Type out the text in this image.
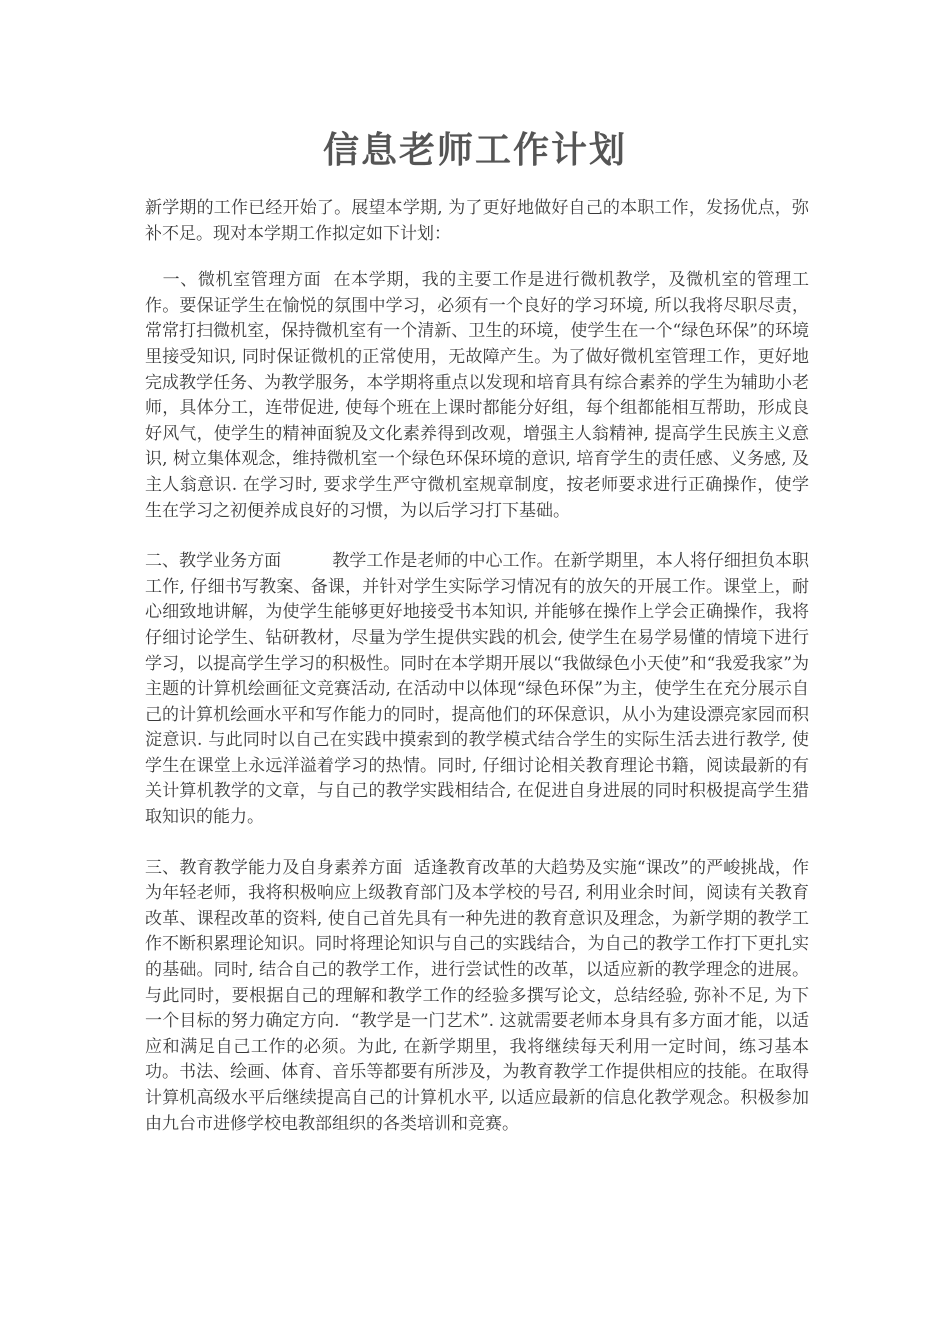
信息老师工作计划

新学期的工作已经开始了。展望本学期, 为了更好地做好自己的本职工作，发扬优点，弥补不足。现对本学期工作拟定如下计划：

　一、微机室管理方面  在本学期，我的主要工作是进行微机教学，及微机室的管理工作。要保证学生在愉悦的氛围中学习，必须有一个良好的学习环境, 所以我将尽职尽责，常常打扫微机室，保持微机室有一个清新、卫生的环境，使学生在一个“绿色环保”的环境里接受知识, 同时保证微机的正常使用，无故障产生。为了做好微机室管理工作，更好地完成教学任务、为教学服务，本学期将重点以发现和培育具有综合素养的学生为辅助小老师，具体分工，连带促进, 使每个班在上课时都能分好组，每个组都能相互帮助，形成良好风气，使学生的精神面貌及文化素养得到改观，增强主人翁精神, 提高学生民族主义意识, 树立集体观念，维持微机室一个绿色环保环境的意识, 培育学生的责任感、义务感, 及主人翁意识. 在学习时, 要求学生严守微机室规章制度，按老师要求进行正确操作，使学生在学习之初便养成良好的习惯，为以后学习打下基础。

二、教学业务方面　　　教学工作是老师的中心工作。在新学期里，本人将仔细担负本职工作, 仔细书写教案、备课，并针对学生实际学习情况有的放矢的开展工作。课堂上，耐心细致地讲解，为使学生能够更好地接受书本知识, 并能够在操作上学会正确操作，我将仔细讨论学生、钻研教材，尽量为学生提供实践的机会, 使学生在易学易懂的情境下进行学习，以提高学生学习的积极性。同时在本学期开展以“我做绿色小天使”和“我爱我家”为主题的计算机绘画征文竞赛活动, 在活动中以体现“绿色环保”为主，使学生在充分展示自己的计算机绘画水平和写作能力的同时，提高他们的环保意识，从小为建设漂亮家园而积淀意识. 与此同时以自己在实践中摸索到的教学模式结合学生的实际生活去进行教学, 使学生在课堂上永远洋溢着学习的热情。同时, 仔细讨论相关教育理论书籍，阅读最新的有关计算机教学的文章，与自己的教学实践相结合, 在促进自身进展的同时积极提高学生猎取知识的能力。

三、教育教学能力及自身素养方面  适逢教育改革的大趋势及实施“课改”的严峻挑战，作为年轻老师，我将积极响应上级教育部门及本学校的号召, 利用业余时间，阅读有关教育改革、课程改革的资料, 使自己首先具有一种先进的教育意识及理念，为新学期的教学工作不断积累理论知识。同时将理论知识与自己的实践结合，为自己的教学工作打下更扎实的基础。同时, 结合自己的教学工作，进行尝试性的改革，以适应新的教学理念的进展。与此同时，要根据自己的理解和教学工作的经验多撰写论文，总结经验, 弥补不足, 为下一个目标的努力确定方向.  “教学是一门艺术”. 这就需要老师本身具有多方面才能，以适应和满足自己工作的必须。为此, 在新学期里，我将继续每天利用一定时间，练习基本功。书法、绘画、体育、音乐等都要有所涉及，为教育教学工作提供相应的技能。在取得计算机高级水平后继续提高自己的计算机水平, 以适应最新的信息化教学观念。积极参加由九台市进修学校电教部组织的各类培训和竞赛。
